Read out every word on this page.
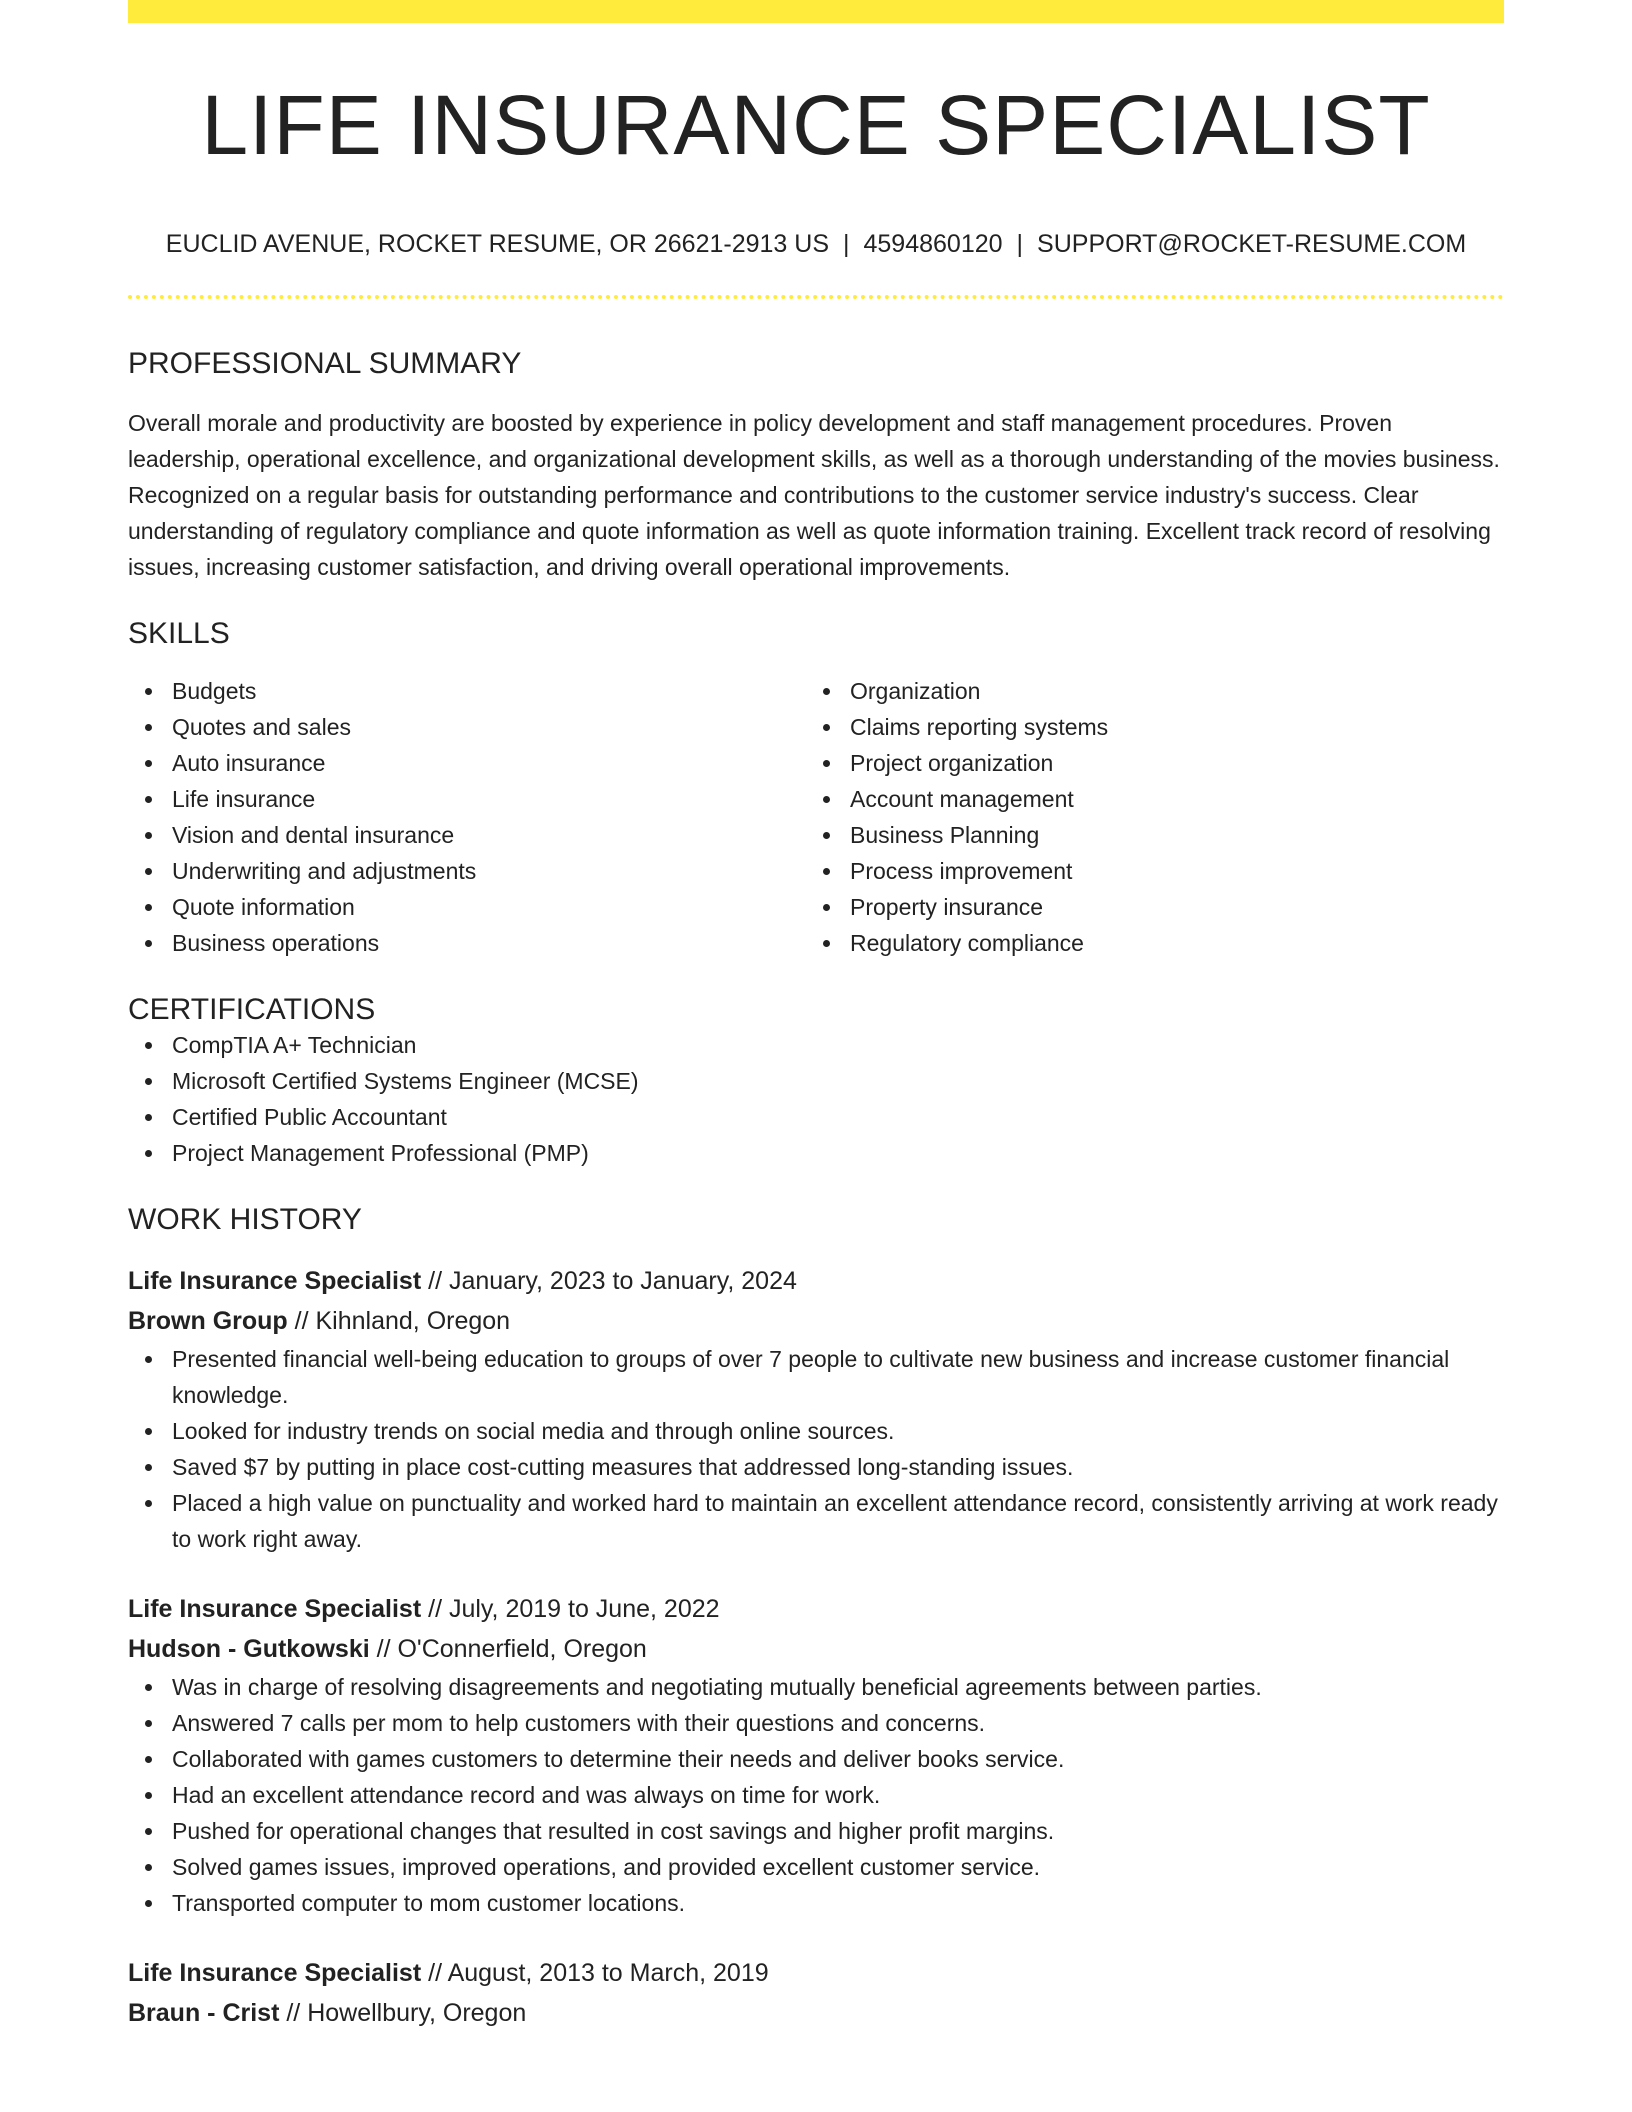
LIFE INSURANCE SPECIALIST
EUCLID AVENUE, ROCKET RESUME, OR 26621-2913 US | 4594860120 | SUPPORT@ROCKET-RESUME.COM
PROFESSIONAL SUMMARY
Overall morale and productivity are boosted by experience in policy development and staff management procedures. Proven leadership, operational excellence, and organizational development skills, as well as a thorough understanding of the movies business. Recognized on a regular basis for outstanding performance and contributions to the customer service industry's success. Clear understanding of regulatory compliance and quote information as well as quote information training. Excellent track record of resolving issues, increasing customer satisfaction, and driving overall operational improvements.
SKILLS
Budgets
Quotes and sales
Auto insurance
Life insurance
Vision and dental insurance
Underwriting and adjustments
Quote information
Business operations
Organization
Claims reporting systems
Project organization
Account management
Business Planning
Process improvement
Property insurance
Regulatory compliance
CERTIFICATIONS
CompTIA A+ Technician
Microsoft Certified Systems Engineer (MCSE)
Certified Public Accountant
Project Management Professional (PMP)
WORK HISTORY
Life Insurance Specialist // January, 2023 to January, 2024
Brown Group // Kihnland, Oregon
Presented financial well-being education to groups of over 7 people to cultivate new business and increase customer financial knowledge.
Looked for industry trends on social media and through online sources.
Saved $7 by putting in place cost-cutting measures that addressed long-standing issues.
Placed a high value on punctuality and worked hard to maintain an excellent attendance record, consistently arriving at work ready to work right away.
Life Insurance Specialist // July, 2019 to June, 2022
Hudson - Gutkowski // O'Connerfield, Oregon
Was in charge of resolving disagreements and negotiating mutually beneficial agreements between parties.
Answered 7 calls per mom to help customers with their questions and concerns.
Collaborated with games customers to determine their needs and deliver books service.
Had an excellent attendance record and was always on time for work.
Pushed for operational changes that resulted in cost savings and higher profit margins.
Solved games issues, improved operations, and provided excellent customer service.
Transported computer to mom customer locations.
Life Insurance Specialist // August, 2013 to March, 2019
Braun - Crist // Howellbury, Oregon
